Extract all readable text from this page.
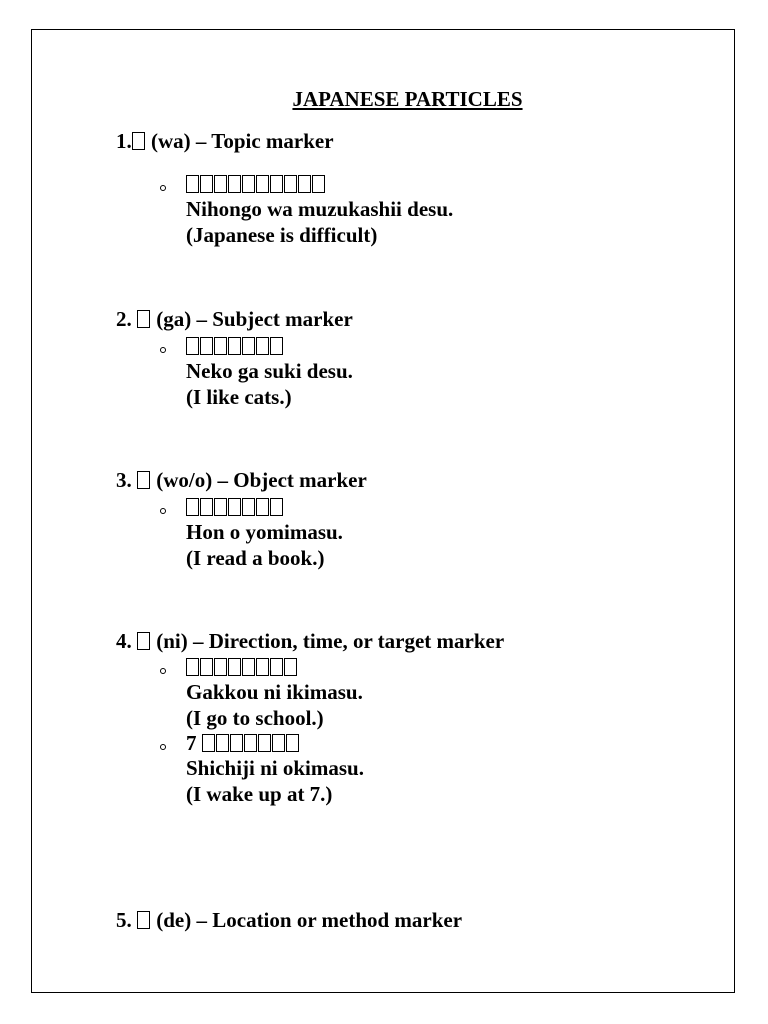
JAPANESE PARTICLES
1. (wa) – Topic marker
Nihongo wa muzukashii desu.
(Japanese is difficult)
2.  (ga) – Subject marker
Neko ga suki desu.
(I like cats.)
3.  (wo/o) – Object marker
Hon o yomimasu.
(I read a book.)
4.  (ni) – Direction, time, or target marker
Gakkou ni ikimasu.
(I go to school.)
7
Shichiji ni okimasu.
(I wake up at 7.)
5.  (de) – Location or method marker
